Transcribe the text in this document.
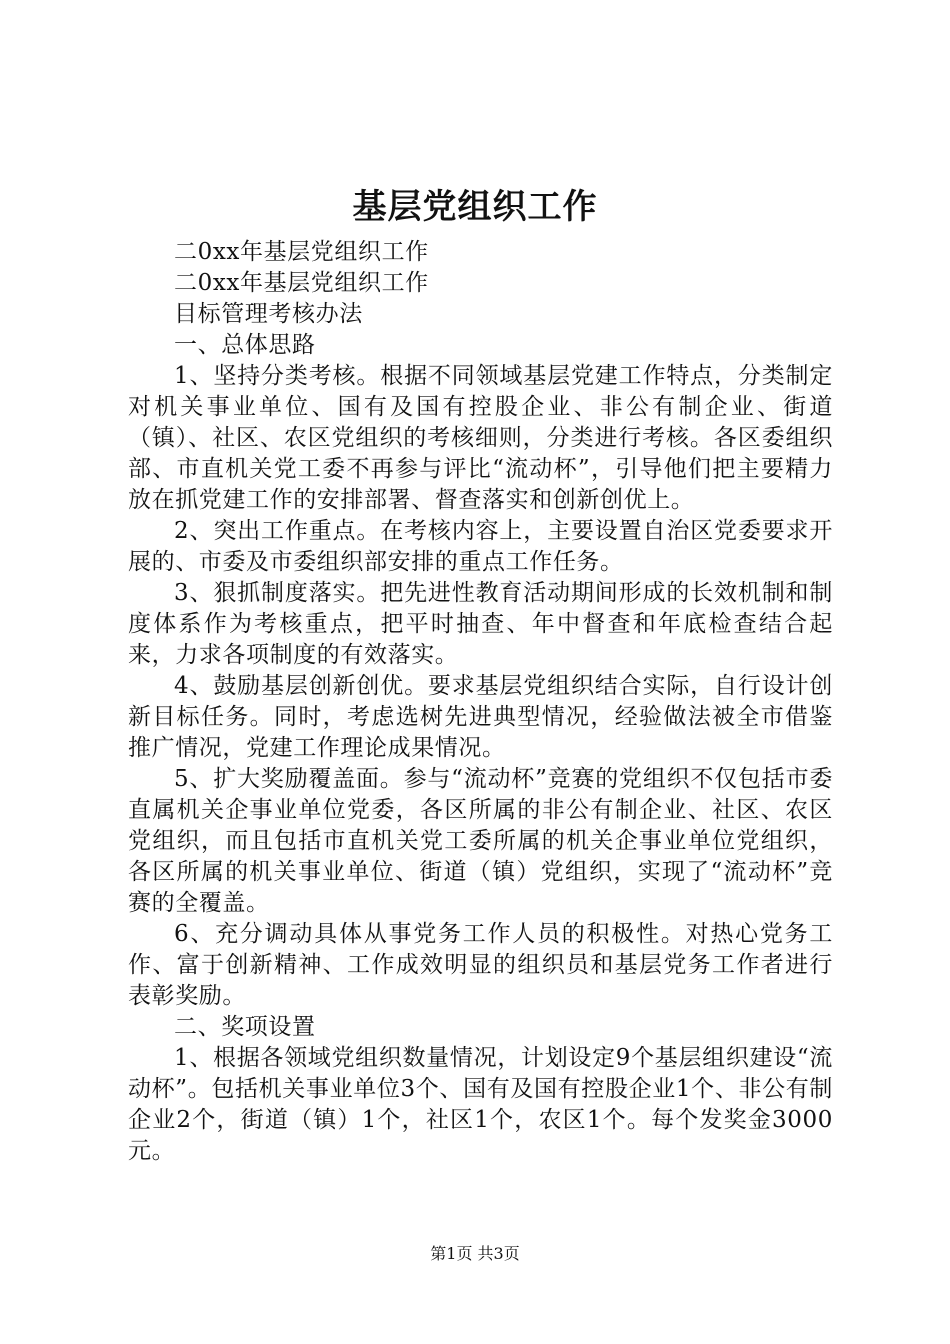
基层党组织工作

二0xx年基层党组织工作

二0xx年基层党组织工作

目标管理考核办法

一、总体思路

1、坚持分类考核。根据不同领域基层党建工作特点，分类制定对机关事业单位、国有及国有控股企业、非公有制企业、街道（镇）、社区、农区党组织的考核细则，分类进行考核。各区委组织部、市直机关党工委不再参与评比“流动杯”，引导他们把主要精力放在抓党建工作的安排部署、督查落实和创新创优上。

2、突出工作重点。在考核内容上，主要设置自治区党委要求开展的、市委及市委组织部安排的重点工作任务。

3、狠抓制度落实。把先进性教育活动期间形成的长效机制和制度体系作为考核重点，把平时抽查、年中督查和年底检查结合起来，力求各项制度的有效落实。

4、鼓励基层创新创优。要求基层党组织结合实际，自行设计创新目标任务。同时，考虑选树先进典型情况，经验做法被全市借鉴推广情况，党建工作理论成果情况。

5、扩大奖励覆盖面。参与“流动杯”竞赛的党组织不仅包括市委直属机关企事业单位党委，各区所属的非公有制企业、社区、农区党组织，而且包括市直机关党工委所属的机关企事业单位党组织，各区所属的机关事业单位、街道（镇）党组织，实现了“流动杯”竞赛的全覆盖。

6、充分调动具体从事党务工作人员的积极性。对热心党务工作、富于创新精神、工作成效明显的组织员和基层党务工作者进行表彰奖励。

二、奖项设置

1、根据各领域党组织数量情况，计划设定9个基层组织建设“流动杯”。包括机关事业单位3个、国有及国有控股企业1个、非公有制企业2个，街道（镇）1个，社区1个，农区1个。每个发奖金3000元。

第1页 共3页
